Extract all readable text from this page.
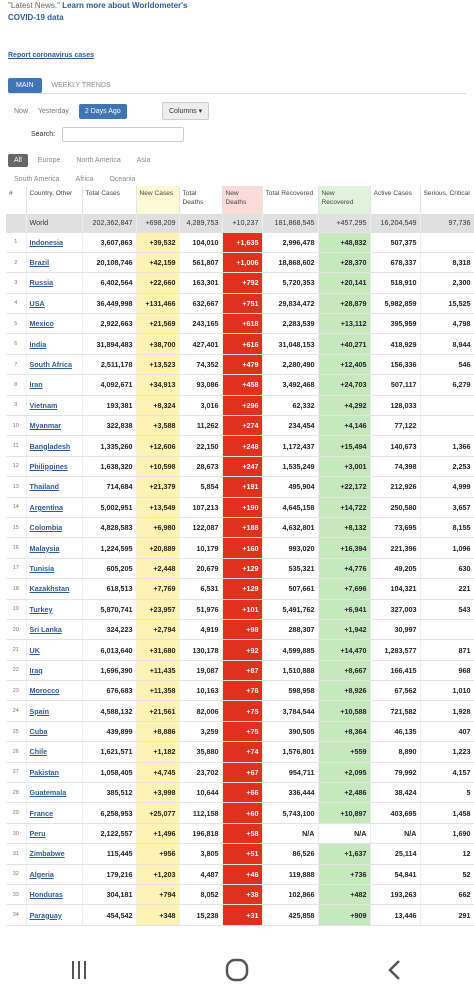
"Latest News." Learn more about Worldometer's COVID-19 data
Report coronavirus cases
MAIN	WEEKLY TRENDS
Now Yesterday	2 Days Ago	Columns ▾
Search:
All	Europe	North America	Asia
South America	Africa	Oceania
#	Country, Other	Total Cases	New Cases	Total Deaths	New Deaths	Total Recovered	New Recovered	Active Cases	Serious, Critical
	World	202,362,847	+698,209	4,289,753	+10,237	181,868,545	+457,295	16,204,549	97,736
1	Indonesia	3,607,863	+39,532	104,010	+1,635	2,996,478	+48,832	507,375	
2	Brazil	20,108,746	+42,159	561,807	+1,006	18,868,602	+28,370	678,337	8,318
3	Russia	6,402,564	+22,660	163,301	+792	5,720,353	+20,141	518,910	2,300
4	USA	36,449,998	+131,466	632,667	+751	29,834,472	+28,879	5,982,859	15,525
5	Mexico	2,922,663	+21,569	243,165	+618	2,283,539	+13,112	395,959	4,798
6	India	31,894,483	+38,700	427,401	+616	31,048,153	+40,271	418,929	8,944
7	South Africa	2,511,178	+13,523	74,352	+479	2,280,490	+12,405	156,336	546
8	Iran	4,092,671	+34,913	93,086	+458	3,492,468	+24,703	507,117	6,279
9	Vietnam	193,381	+8,324	3,016	+296	62,332	+4,292	128,033	
10	Myanmar	322,838	+3,588	11,262	+274	234,454	+4,146	77,122	
11	Bangladesh	1,335,260	+12,606	22,150	+248	1,172,437	+15,494	140,673	1,366
12	Philippines	1,638,320	+10,598	28,673	+247	1,535,249	+3,001	74,398	2,253
13	Thailand	714,684	+21,379	5,854	+191	495,904	+22,172	212,926	4,999
14	Argentina	5,002,951	+13,549	107,213	+190	4,645,158	+14,722	250,580	3,657
15	Colombia	4,828,583	+6,980	122,087	+188	4,632,801	+8,132	73,695	8,155
16	Malaysia	1,224,595	+20,889	10,179	+160	993,020	+16,394	221,396	1,096
17	Tunisia	605,205	+2,448	20,679	+129	535,321	+4,776	49,205	630
18	Kazakhstan	618,513	+7,769	6,531	+129	507,661	+7,696	104,321	221
19	Turkey	5,870,741	+23,957	51,976	+101	5,491,762	+6,941	327,003	543
20	Sri Lanka	324,223	+2,794	4,919	+98	288,307	+1,942	30,997	
21	UK	6,013,640	+31,680	130,178	+92	4,599,885	+14,470	1,283,577	871
22	Iraq	1,696,390	+11,435	19,087	+87	1,510,888	+8,667	166,415	968
23	Morocco	676,683	+11,358	10,163	+76	598,958	+8,926	67,562	1,010
24	Spain	4,588,132	+21,561	82,006	+75	3,784,544	+10,588	721,582	1,928
25	Cuba	439,899	+8,886	3,259	+75	390,505	+8,364	46,135	407
26	Chile	1,621,571	+1,182	35,880	+74	1,576,801	+559	8,890	1,223
27	Pakistan	1,058,405	+4,745	23,702	+67	954,711	+2,095	79,992	4,157
28	Guatemala	385,512	+3,998	10,644	+66	336,444	+2,486	38,424	5
29	France	6,258,953	+25,077	112,158	+60	5,743,100	+10,897	403,695	1,458
30	Peru	2,122,557	+1,496	196,818	+58	N/A	N/A	N/A	1,690
31	Zimbabwe	115,445	+956	3,805	+51	86,526	+1,637	25,114	12
32	Algeria	179,216	+1,203	4,487	+46	119,888	+736	54,841	52
33	Honduras	304,181	+794	8,052	+38	102,866	+482	193,263	662
34	Paraguay	454,542	+348	15,238	+31	425,858	+909	13,446	291
